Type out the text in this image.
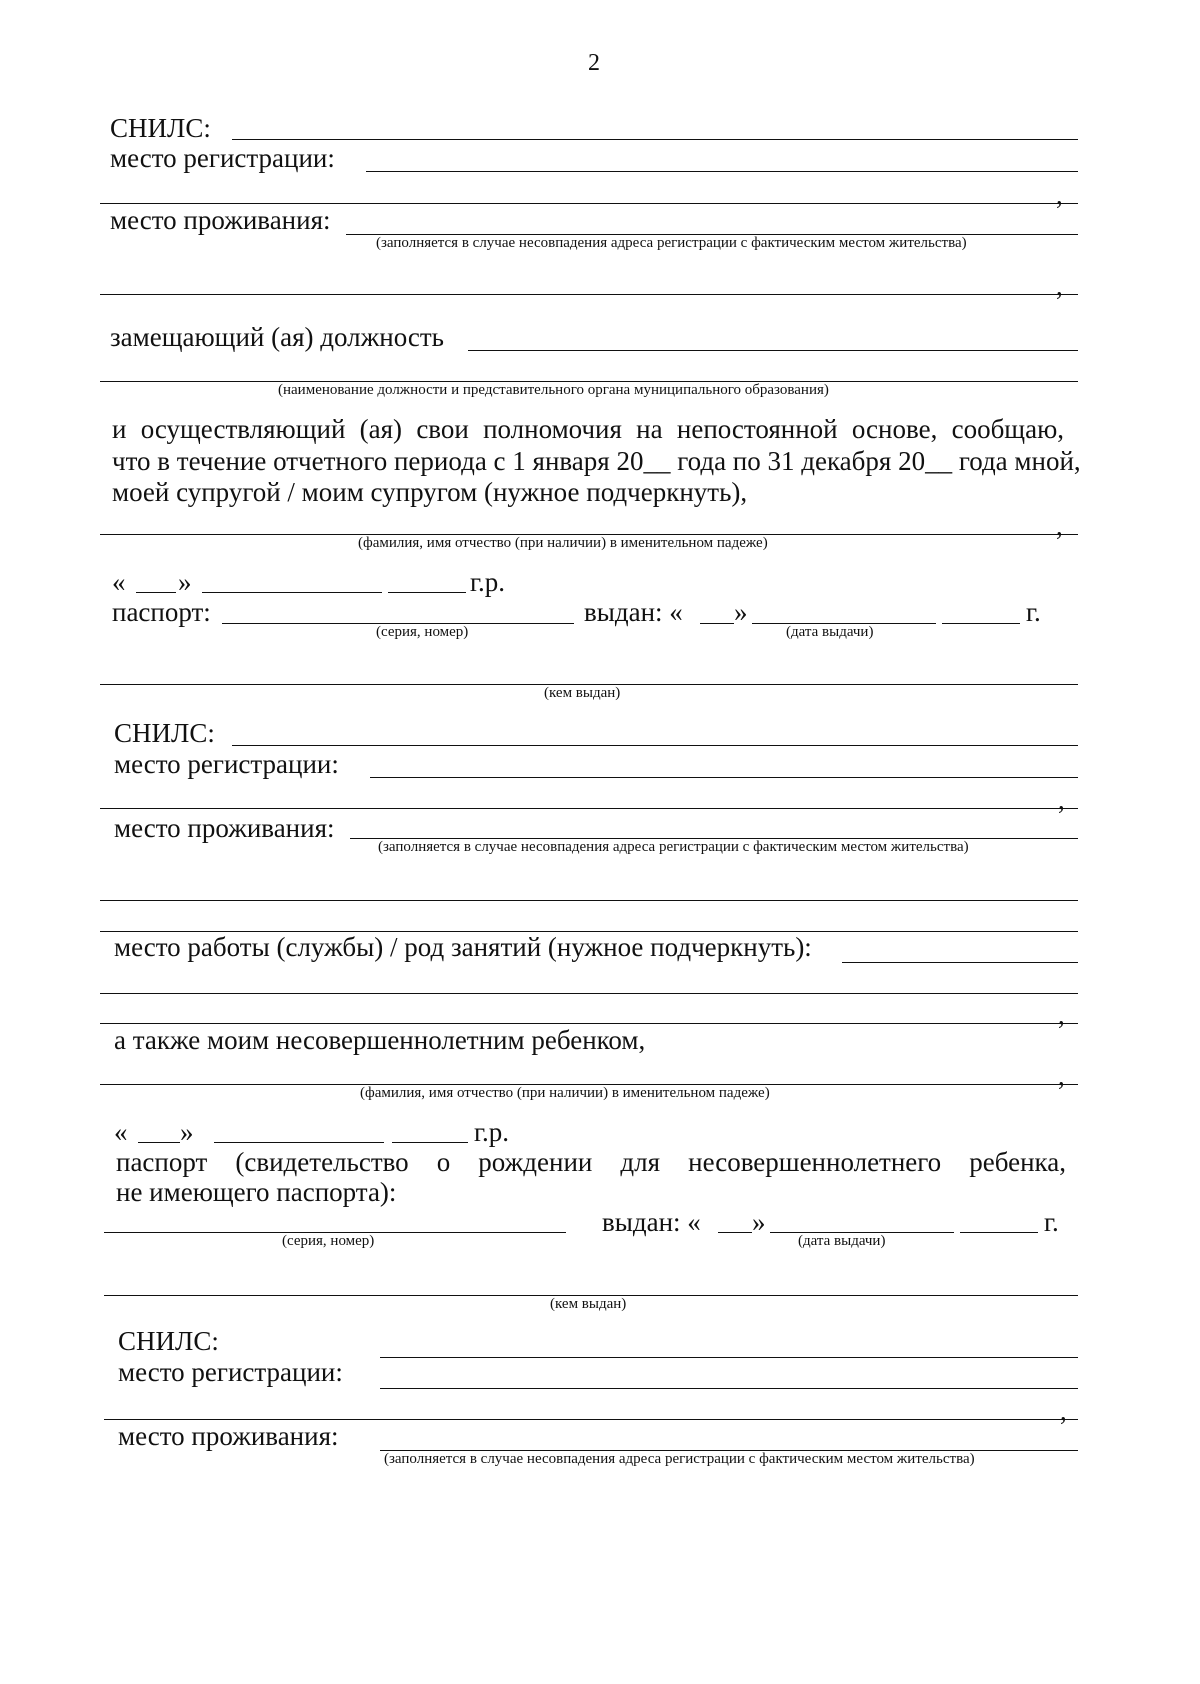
2
СНИЛС:
место регистрации:
,
место проживания:
(заполняется в случае несовпадения адреса регистрации с фактическим местом жительства)
,
замещающий (ая) должность
(наименование должности и представительного органа муниципального образования)
и осуществляющий (ая) свои полномочия на непостоянной основе, сообщаю,
что в течение отчетного периода с 1 января 20__ года по 31 декабря 20__ года мной,
моей супругой / моим супругом (нужное подчеркнуть),
,
(фамилия, имя отчество (при наличии) в именительном падеже)
« »	г.р.
паспорт:
(серия, номер)
выдан: « »	г.
(дата выдачи)
(кем выдан)
СНИЛС:
место регистрации:
,
место проживания:
(заполняется в случае несовпадения адреса регистрации с фактическим местом жительства)
место работы (службы) / род занятий (нужное подчеркнуть):
,
а также моим несовершеннолетним ребенком,
,
(фамилия, имя отчество (при наличии) в именительном падеже)
« »	г.р.
паспорт (свидетельство о рождении для несовершеннолетнего ребенка,
не имеющего паспорта):
(серия, номер)
выдан: « »	г.
(дата выдачи)
(кем выдан)
СНИЛС:
место регистрации:
,
место проживания:
(заполняется в случае несовпадения адреса регистрации с фактическим местом жительства)
